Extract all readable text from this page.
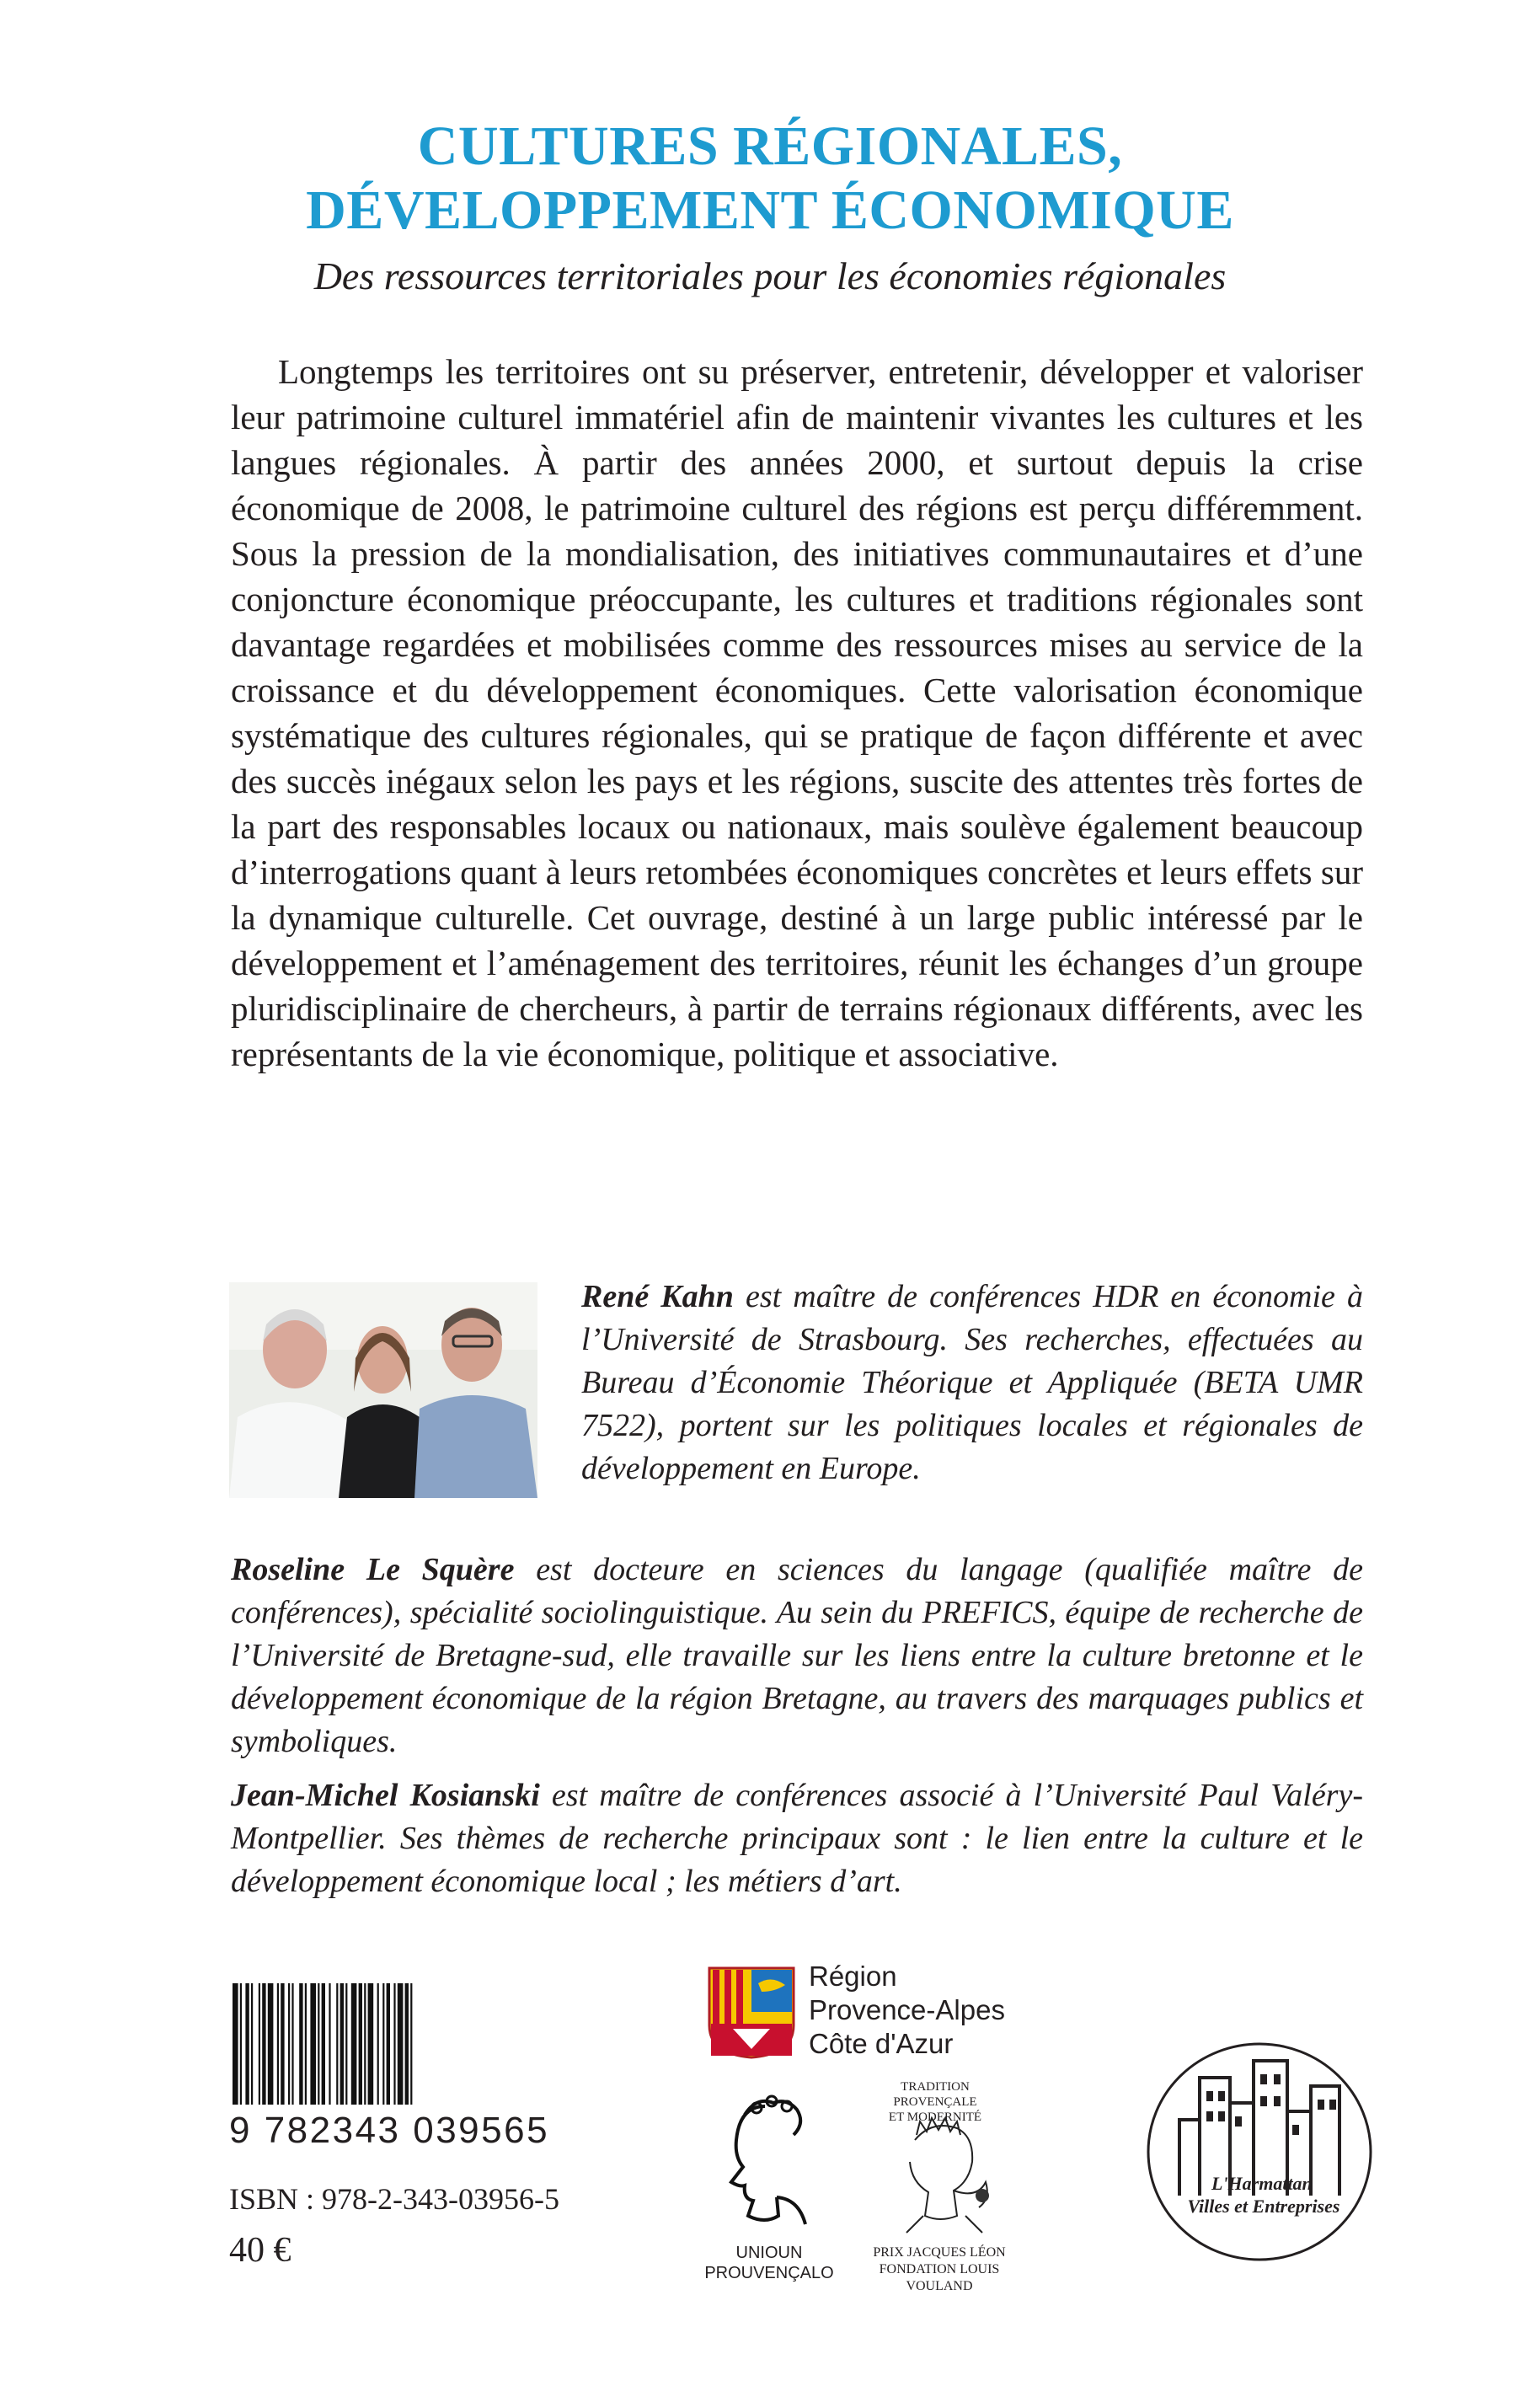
CULTURES RÉGIONALES,
DÉVELOPPEMENT ÉCONOMIQUE
Des ressources territoriales pour les économies régionales

Longtemps les territoires ont su préserver, entretenir, développer et valoriser leur patrimoine culturel immatériel afin de maintenir vivantes les cultures et les langues régionales. À partir des années 2000, et surtout depuis la crise économique de 2008, le patrimoine culturel des régions est perçu différemment. Sous la pression de la mondialisation, des initiatives communautaires et d’une conjoncture économique préoccupante, les cultures et traditions régionales sont davantage regardées et mobilisées comme des ressources mises au service de la croissance et du développement économiques. Cette valorisation économique systématique des cultures régionales, qui se pratique de façon différente et avec des succès inégaux selon les pays et les régions, suscite des attentes très fortes de la part des responsables locaux ou nationaux, mais soulève également beaucoup d’interrogations quant à leurs retombées économiques concrètes et leurs effets sur la dynamique culturelle. Cet ouvrage, destiné à un large public intéressé par le développement et l’aménagement des territoires, réunit les échanges d’un groupe pluridisciplinaire de chercheurs, à partir de terrains régionaux différents, avec les représentants de la vie économique, politique et associative.

René Kahn est maître de conférences HDR en économie à l’Université de Strasbourg. Ses recherches, effectuées au Bureau d’Économie Théorique et Appliquée (BETA UMR 7522), portent sur les politiques locales et régionales de développement en Europe.

Roseline Le Squère est docteure en sciences du langage (qualifiée maître de conférences), spécialité sociolinguistique. Au sein du PREFICS, équipe de recherche de l’Université de Bretagne-sud, elle travaille sur les liens entre la culture bretonne et le développement économique de la région Bretagne, au travers des marquages publics et symboliques.

Jean-Michel Kosianski est maître de conférences associé à l’Université Paul Valéry-Montpellier. Ses thèmes de recherche principaux sont : le lien entre la culture et le développement économique local ; les métiers d’art.

9 782343 039565
ISBN : 978-2-343-03956-5
40 €
Région
Provence-Alpes
Côte d'Azur
UNIOUN
PROUVENÇALO
TRADITION PROVENÇALE
ET MODERNITÉ
PRIX JACQUES LÉON
FONDATION LOUIS VOULAND
L'Harmattan
Villes et Entreprises
